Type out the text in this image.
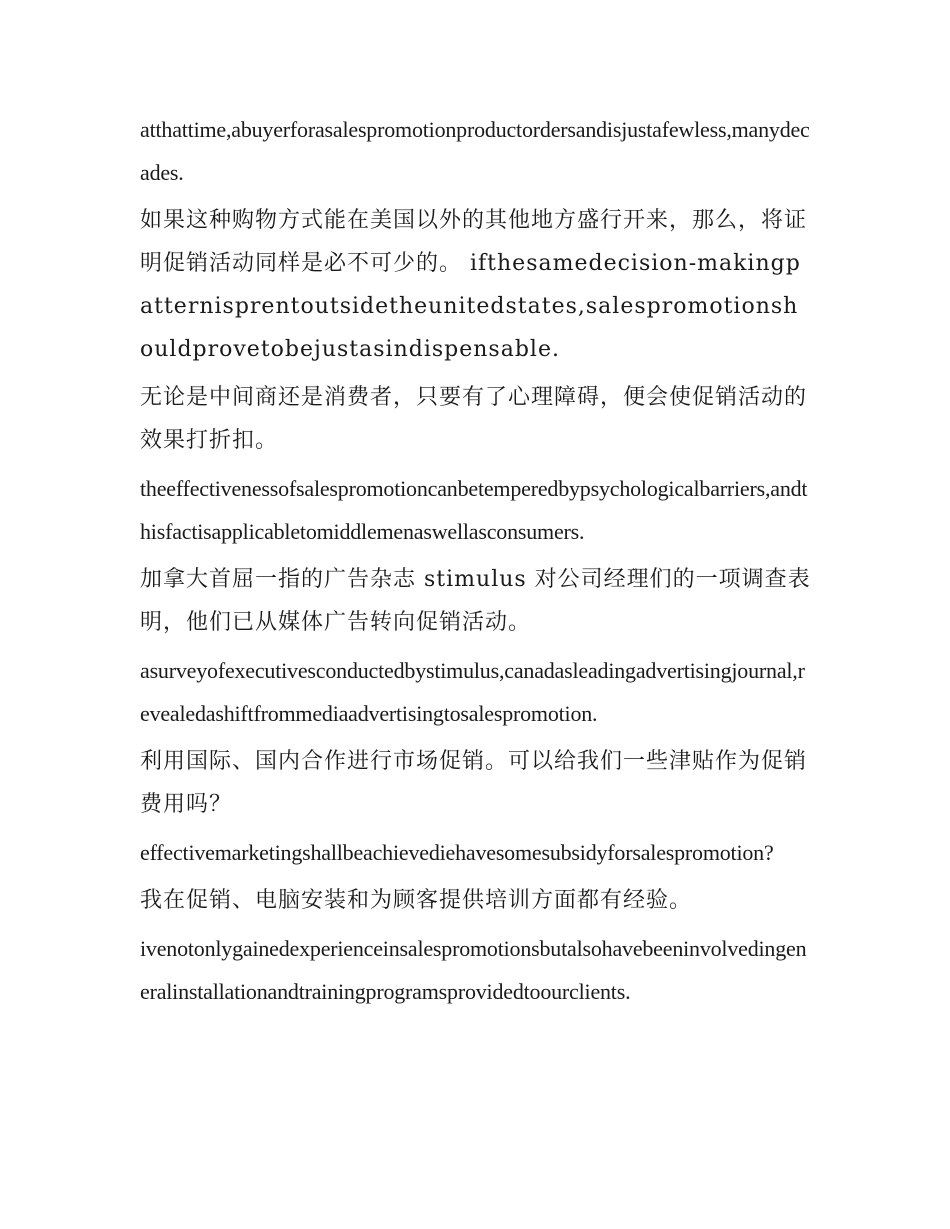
atthattime,abuyerforasalespromotionproductordersandisjustafewless,manydecades.

如果这种购物方式能在美国以外的其他地方盛行开来，那么，将证明促销活动同样是必不可少的。 ifthesamedecision-makingpatternisprentoutsidetheunitedstates,salespromotionshouldprovetobejustasindispensable.

无论是中间商还是消费者，只要有了心理障碍，便会使促销活动的效果打折扣。

theeffectivenessofsalespromotioncanbetemperedbypsychologicalbarriers,andthisfactisapplicabletomiddlemenaswellasconsumers.

加拿大首屈一指的广告杂志 stimulus 对公司经理们的一项调查表明，他们已从媒体广告转向促销活动。

asurveyofexecutivesconductedbystimulus,canadasleadingadvertisingjournal,revealedashiftfrommediaadvertisingtosalespromotion.

利用国际、国内合作进行市场促销。可以给我们一些津贴作为促销费用吗？

effectivemarketingshallbeachievediehavesomesubsidyforsalespromotion?

我在促销、电脑安装和为顾客提供培训方面都有经验。

ivenotonlygainedexperienceinsalespromotionsbutalsohavebeeninvolvedingeneralinstallationandtrainingprogramsprovidedtoourclients.
